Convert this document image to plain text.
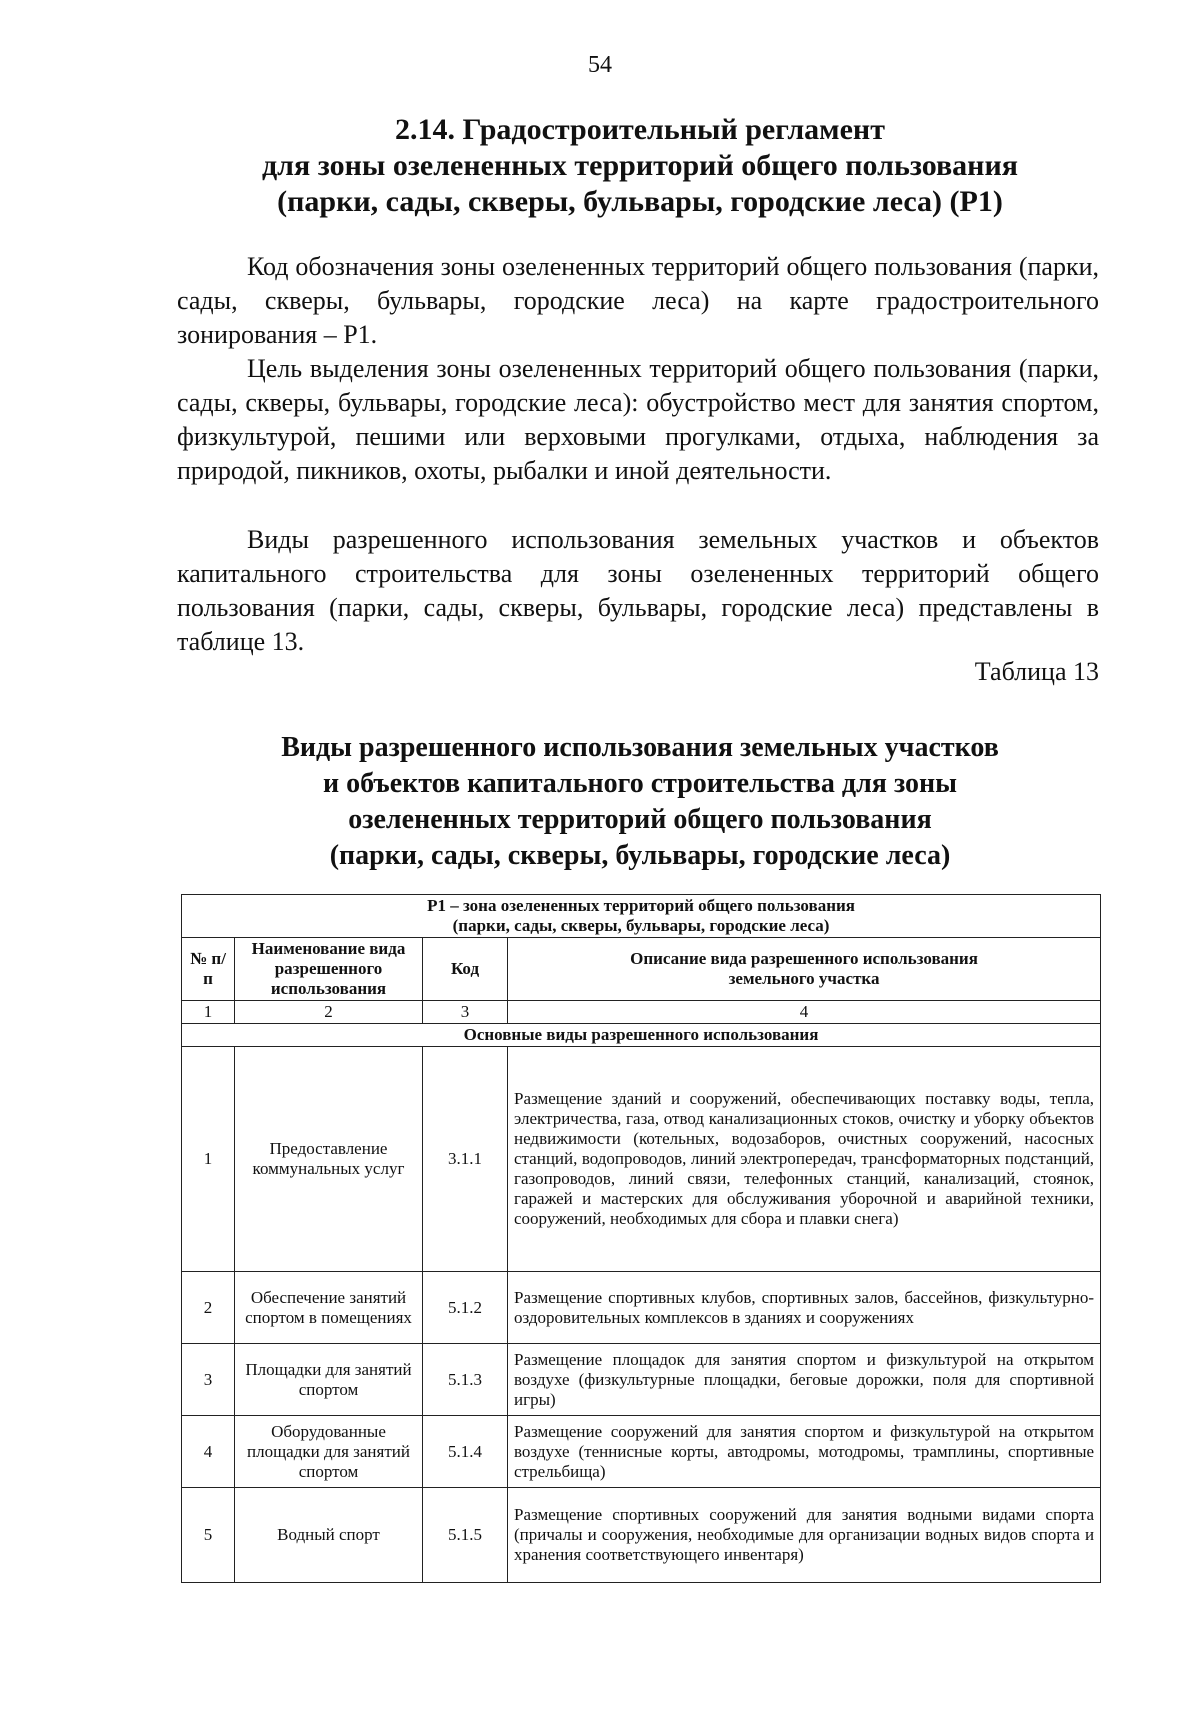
54
2.14. Градостроительный регламент
для зоны озелененных территорий общего пользования
(парки, сады, скверы, бульвары, городские леса) (Р1)

Код обозначения зоны озелененных территорий общего пользования (парки, сады, скверы, бульвары, городские леса) на карте градостроительного зонирования – Р1.

Цель выделения зоны озелененных территорий общего пользования (парки, сады, скверы, бульвары, городские леса): обустройство мест для занятия спортом, физкультурой, пешими или верховыми прогулками, отдыха, наблюдения за природой, пикников, охоты, рыбалки и иной деятельности.

Виды разрешенного использования земельных участков и объектов капитального строительства для зоны озелененных территорий общего пользования (парки, сады, скверы, бульвары, городские леса) представлены в таблице 13.

Таблица 13
Виды разрешенного использования земельных участков
и объектов капитального строительства для зоны
озелененных территорий общего пользования
(парки, сады, скверы, бульвары, городские леса)
Р1 – зона озелененных территорий общего пользования
(парки, сады, скверы, бульвары, городские леса)			

№ п/п	Наименование вида разрешенного использования	Код	Описание вида разрешенного использования земельного участка
1	2	3	4
Основные виды разрешенного использования			
1	Предоставление коммунальных услуг	3.1.1	Размещение зданий и сооружений, обеспечивающих поставку воды, тепла, электричества, газа, отвод канализационных стоков, очистку и уборку объектов недвижимости (котельных, водозаборов, очистных сооружений, насосных станций, водопроводов, линий электропередач, трансформаторных подстанций, газопроводов, линий связи, телефонных станций, канализаций, стоянок, гаражей и мастерских для обслуживания уборочной и аварийной техники, сооружений, необходимых для сбора и плавки снега)
2	Обеспечение занятий спортом в помещениях	5.1.2	Размещение спортивных клубов, спортивных залов, бассейнов, физкультурно-оздоровительных комплексов в зданиях и сооружениях
3	Площадки для занятий спортом	5.1.3	Размещение площадок для занятия спортом и физкультурой на открытом воздухе (физкультурные площадки, беговые дорожки, поля для спортивной игры)
4	Оборудованные площадки для занятий спортом	5.1.4	Размещение сооружений для занятия спортом и физкультурой на открытом воздухе (теннисные корты, автодромы, мотодромы, трамплины, спортивные стрельбища)
5	Водный спорт	5.1.5	Размещение спортивных сооружений для занятия водными видами спорта (причалы и сооружения, необходимые для организации водных видов спорта и хранения соответствующего инвентаря)
